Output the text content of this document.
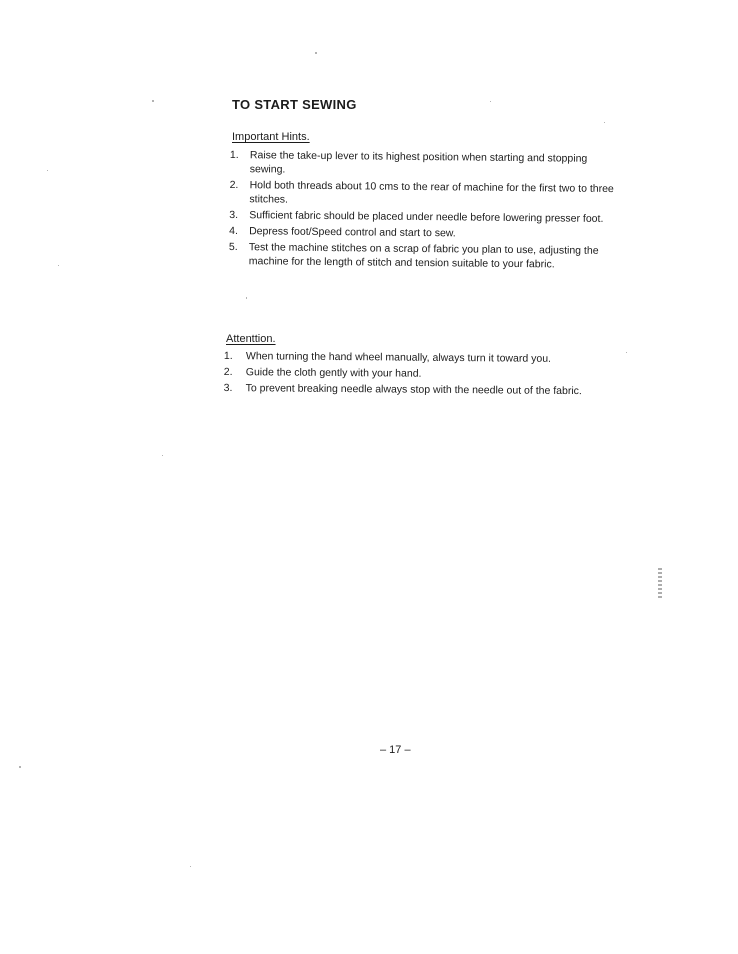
TO START SEWING
Important Hints.
1.	Raise the take-up lever to its highest position when starting and stopping sewing.
2.	Hold both threads about 10 cms to the rear of machine for the first two to three stitches.
3.	Sufficient fabric should be placed under needle before lowering presser foot.
4.	Depress foot/Speed control and start to sew.
5.	Test the machine stitches on a scrap of fabric you plan to use, adjusting the machine for the length of stitch and tension suitable to your fabric.
Attenttion.
1.	When turning the hand wheel manually, always turn it toward you.
2.	Guide the cloth gently with your hand.
3.	To prevent breaking needle always stop with the needle out of the fabric.
– 17 –
